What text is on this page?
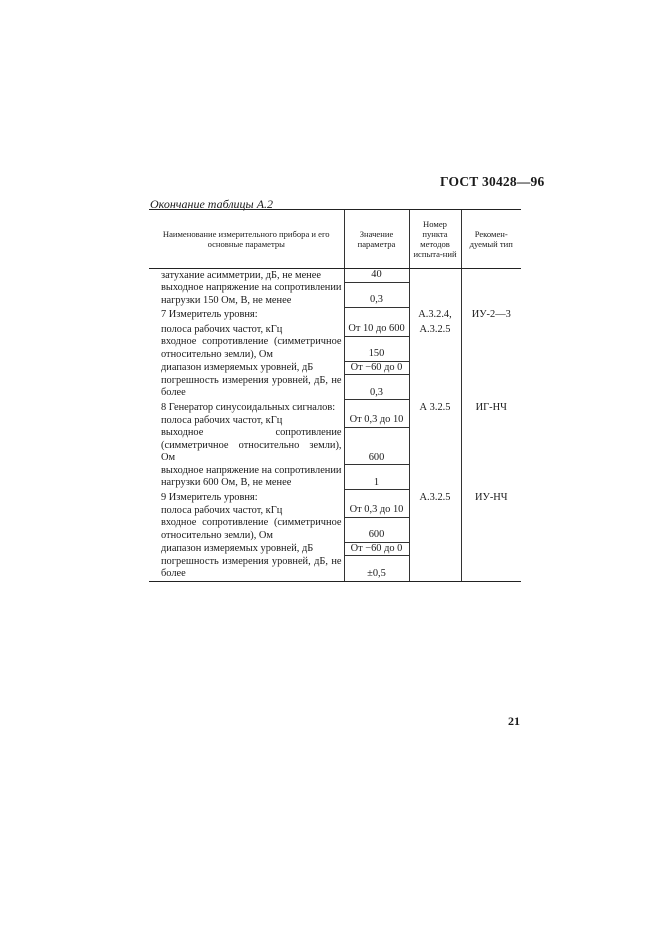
ГОСТ 30428—96
Окончание таблицы А.2
Наименование измерительного прибора и его основные параметры	Значение параметра	Номер пункта методов испыта-ний	Рекомен-дуемый тип
затухание асимметрии, дБ, не менее	40		
выходное напряжение на сопротивлении нагрузки 150 Ом, В, не менее	0,3		
7 Измеритель уровня:		А.3.2.4,	ИУ-2—3
полоса рабочих частот, кГц	От 10 до 600	А.3.2.5	
входное сопротивление (симметричное относительно земли), Ом	150		
диапазон измеряемых уровней, дБ	От −60 до 0		
погрешность измерения уровней, дБ, не более	0,3		
8 Генератор синусоидальных сигналов:		А 3.2.5	ИГ-НЧ
полоса рабочих частот, кГц	От 0,3 до 10		
выходное сопротивление (симметричное относительно земли), Ом	600		
выходное напряжение на сопротивлении нагрузки 600 Ом, В, не менее	1		
9 Измеритель уровня:		А.3.2.5	ИУ-НЧ
полоса рабочих частот, кГц	От 0,3 до 10		
входное сопротивление (симметричное относительно земли), Ом	600		
диапазон измеряемых уровней, дБ	От −60 до 0		
погрешность измерения уровней, дБ, не более	±0,5		
21
